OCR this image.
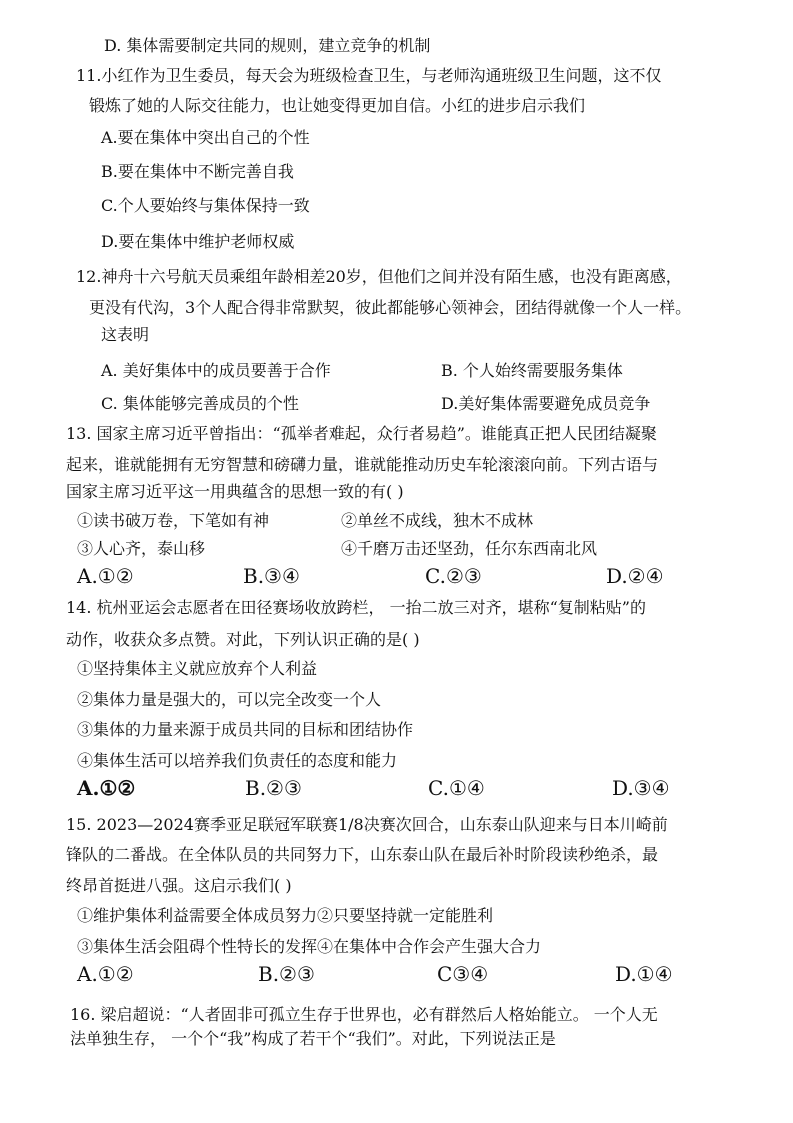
D. 集体需要制定共同的规则，建立竞争的机制
11.小红作为卫生委员，每天会为班级检查卫生，与老师沟通班级卫生问题，这不仅
锻炼了她的人际交往能力，也让她变得更加自信。小红的进步启示我们
A.要在集体中突出自己的个性
B.要在集体中不断完善自我
C.个人要始终与集体保持一致
D.要在集体中维护老师权威
12.神舟十六号航天员乘组年龄相差20岁，但他们之间并没有陌生感，也没有距离感，
更没有代沟，3个人配合得非常默契，彼此都能够心领神会，团结得就像一个人一样。
这表明
A. 美好集体中的成员要善于合作	B. 个人始终需要服务集体
C. 集体能够完善成员的个性	D.美好集体需要避免成员竞争
13. 国家主席习近平曾指出：“孤举者难起，众行者易趋”。谁能真正把人民团结凝聚
起来，谁就能拥有无穷智慧和磅礴力量，谁就能推动历史车轮滚滚向前。下列古语与
国家主席习近平这一用典蕴含的思想一致的有( )
①读书破万卷，下笔如有神	②单丝不成线，独木不成林
③人心齐，泰山移	④千磨万击还坚劲，任尔东西南北风
A.①②	B.③④	C.②③	D.②④
14. 杭州亚运会志愿者在田径赛场收放跨栏， 一抬二放三对齐，堪称“复制粘贴”的
动作，收获众多点赞。对此，下列认识正确的是( )
①坚持集体主义就应放弃个人利益
②集体力量是强大的，可以完全改变一个人
③集体的力量来源于成员共同的目标和团结协作
④集体生活可以培养我们负责任的态度和能力
A.①②	B.②③	C.①④	D.③④
15. 2023—2024赛季亚足联冠军联赛1/8决赛次回合，山东泰山队迎来与日本川崎前
锋队的二番战。在全体队员的共同努力下，山东泰山队在最后补时阶段读秒绝杀，最
终昂首挺进八强。这启示我们( )
①维护集体利益需要全体成员努力②只要坚持就一定能胜利
③集体生活会阻碍个性特长的发挥④在集体中合作会产生强大合力
A.①②	B.②③	C③④	D.①④
16. 梁启超说：“人者固非可孤立生存于世界也，必有群然后人格始能立。 一个人无
法单独生存， 一个个“我”构成了若干个“我们”。对此，下列说法正是
